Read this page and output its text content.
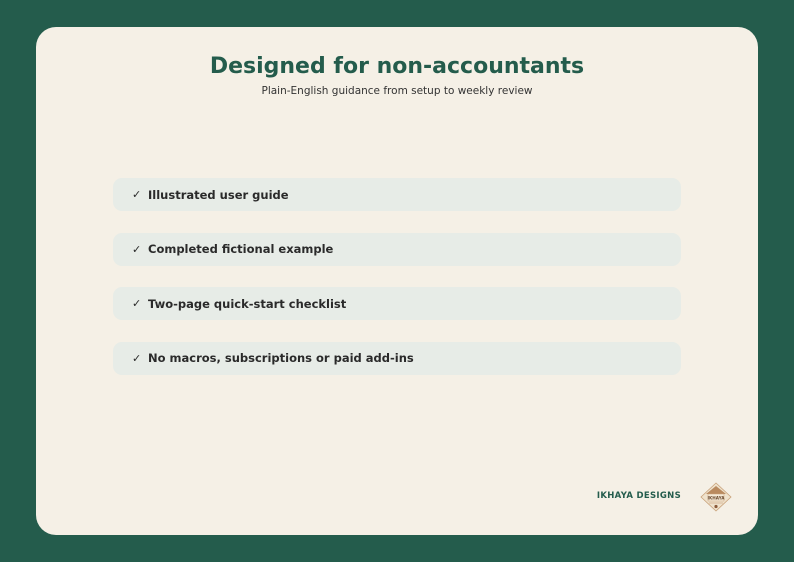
Designed for non-accountants
Plain-English guidance from setup to weekly review
✓ Illustrated user guide
✓ Completed fictional example
✓ Two-page quick-start checklist
✓ No macros, subscriptions or paid add-ins
IKHAYA DESIGNS	IKHAYA
